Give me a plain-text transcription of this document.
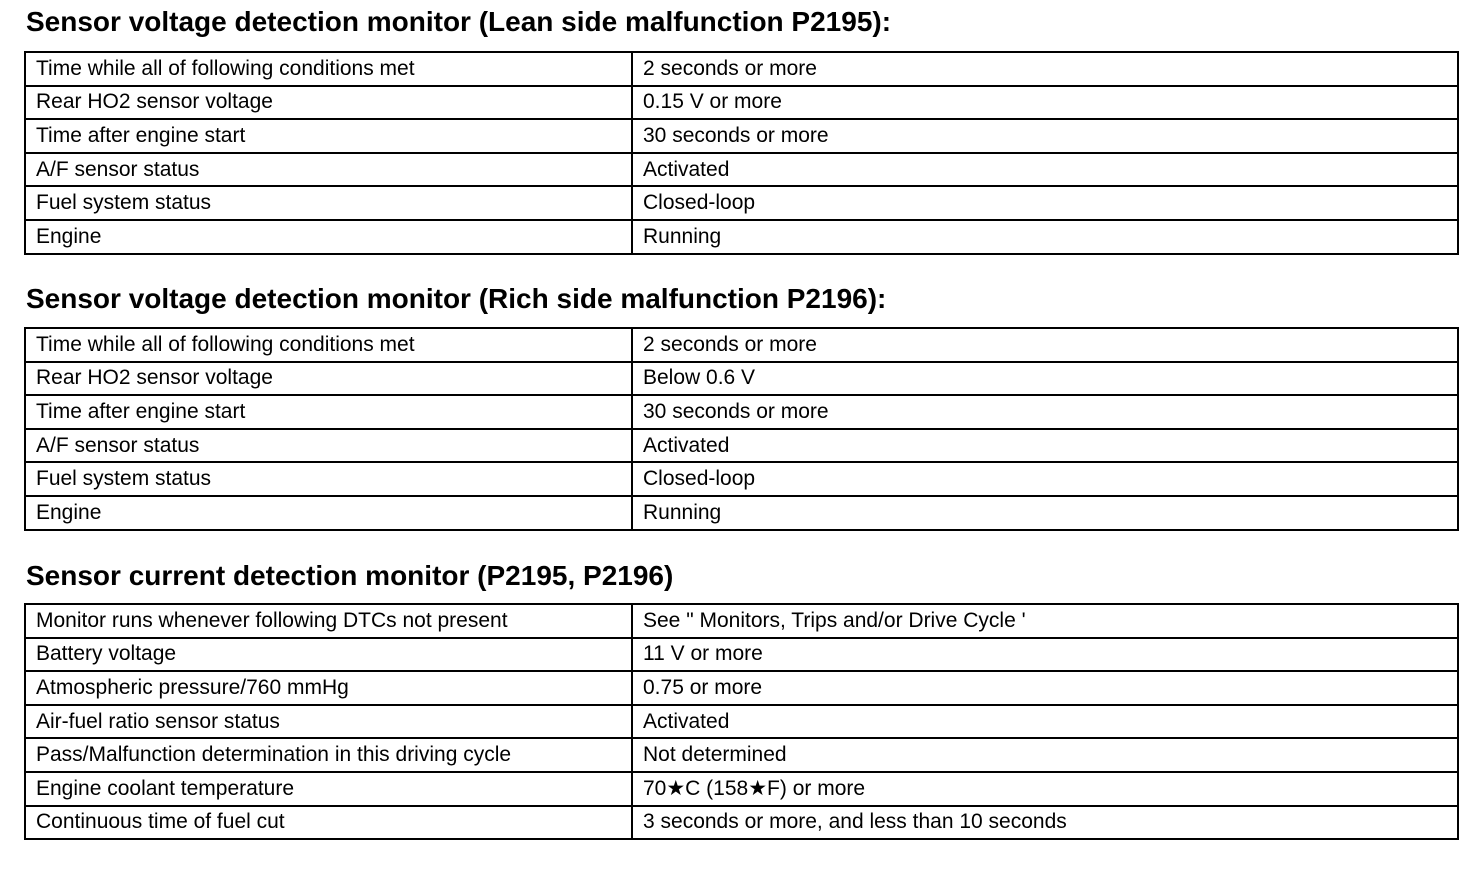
Sensor voltage detection monitor (Lean side malfunction P2195):
Time while all of following conditions met	2 seconds or more
Rear HO2 sensor voltage	0.15 V or more
Time after engine start	30 seconds or more
A/F sensor status	Activated
Fuel system status	Closed-loop
Engine	Running
Sensor voltage detection monitor (Rich side malfunction P2196):
Time while all of following conditions met	2 seconds or more
Rear HO2 sensor voltage	Below 0.6 V
Time after engine start	30 seconds or more
A/F sensor status	Activated
Fuel system status	Closed-loop
Engine	Running
Sensor current detection monitor (P2195, P2196)
Monitor runs whenever following DTCs not present	See " Monitors, Trips and/or Drive Cycle '
Battery voltage	11 V or more
Atmospheric pressure/760 mmHg	0.75 or more
Air-fuel ratio sensor status	Activated
Pass/Malfunction determination in this driving cycle	Not determined
Engine coolant temperature	70★C (158★F) or more
Continuous time of fuel cut	3 seconds or more, and less than 10 seconds
